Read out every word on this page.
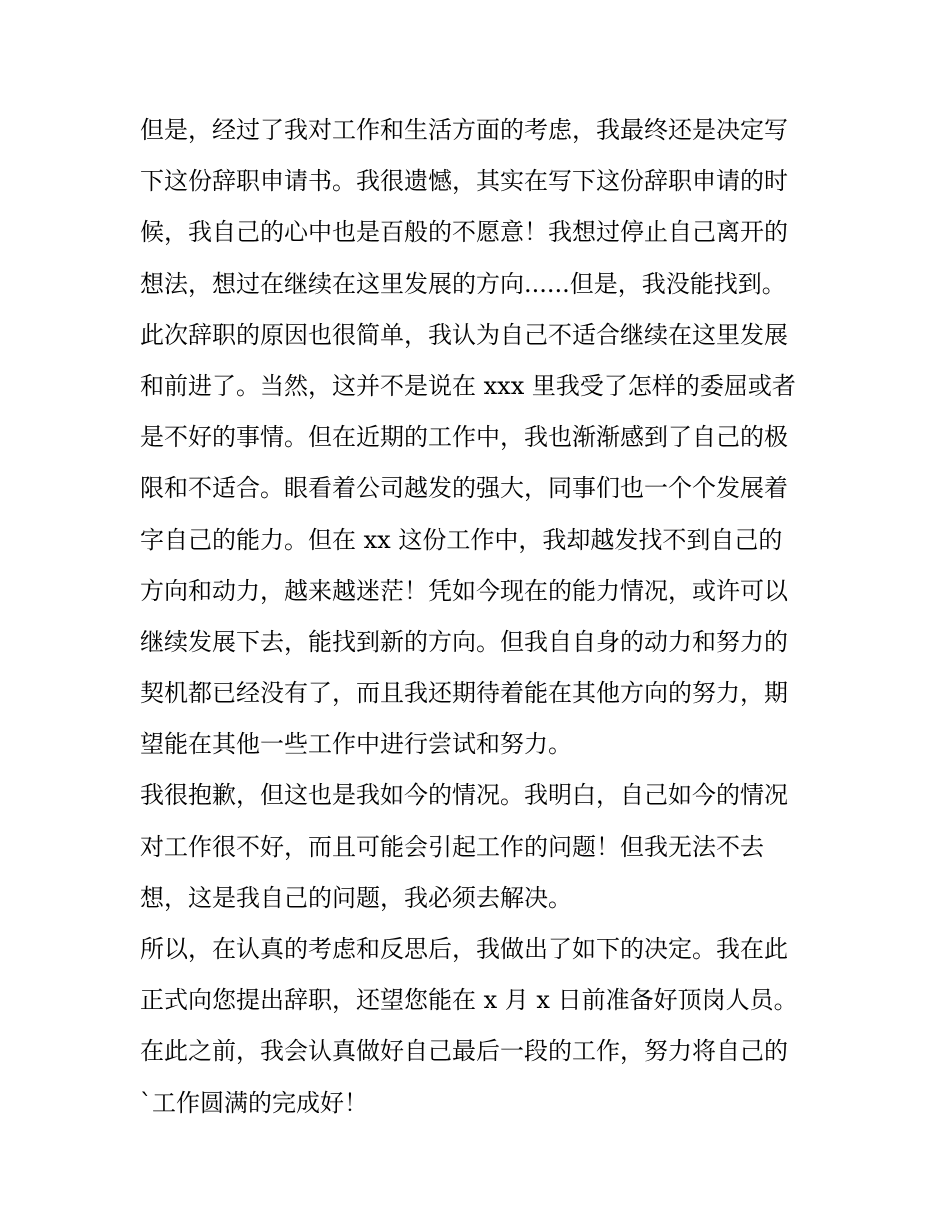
但是，经过了我对工作和生活方面的考虑，我最终还是决定写
下这份辞职申请书。我很遗憾，其实在写下这份辞职申请的时
候，我自己的心中也是百般的不愿意！我想过停止自己离开的
想法，想过在继续在这里发展的方向......但是，我没能找到。
此次辞职的原因也很简单，我认为自己不适合继续在这里发展
和前进了。当然，这并不是说在 xxx 里我受了怎样的委屈或者
是不好的事情。但在近期的工作中，我也渐渐感到了自己的极
限和不适合。眼看着公司越发的强大，同事们也一个个发展着
字自己的能力。但在 xx 这份工作中，我却越发找不到自己的
方向和动力，越来越迷茫！凭如今现在的能力情况，或许可以
继续发展下去，能找到新的方向。但我自自身的动力和努力的
契机都已经没有了，而且我还期待着能在其他方向的努力，期
望能在其他一些工作中进行尝试和努力。
我很抱歉，但这也是我如今的情况。我明白，自己如今的情况
对工作很不好，而且可能会引起工作的问题！但我无法不去
想，这是我自己的问题，我必须去解决。
所以，在认真的考虑和反思后，我做出了如下的决定。我在此
正式向您提出辞职，还望您能在 x 月 x 日前准备好顶岗人员。
在此之前，我会认真做好自己最后一段的工作，努力将自己的
`工作圆满的完成好！
